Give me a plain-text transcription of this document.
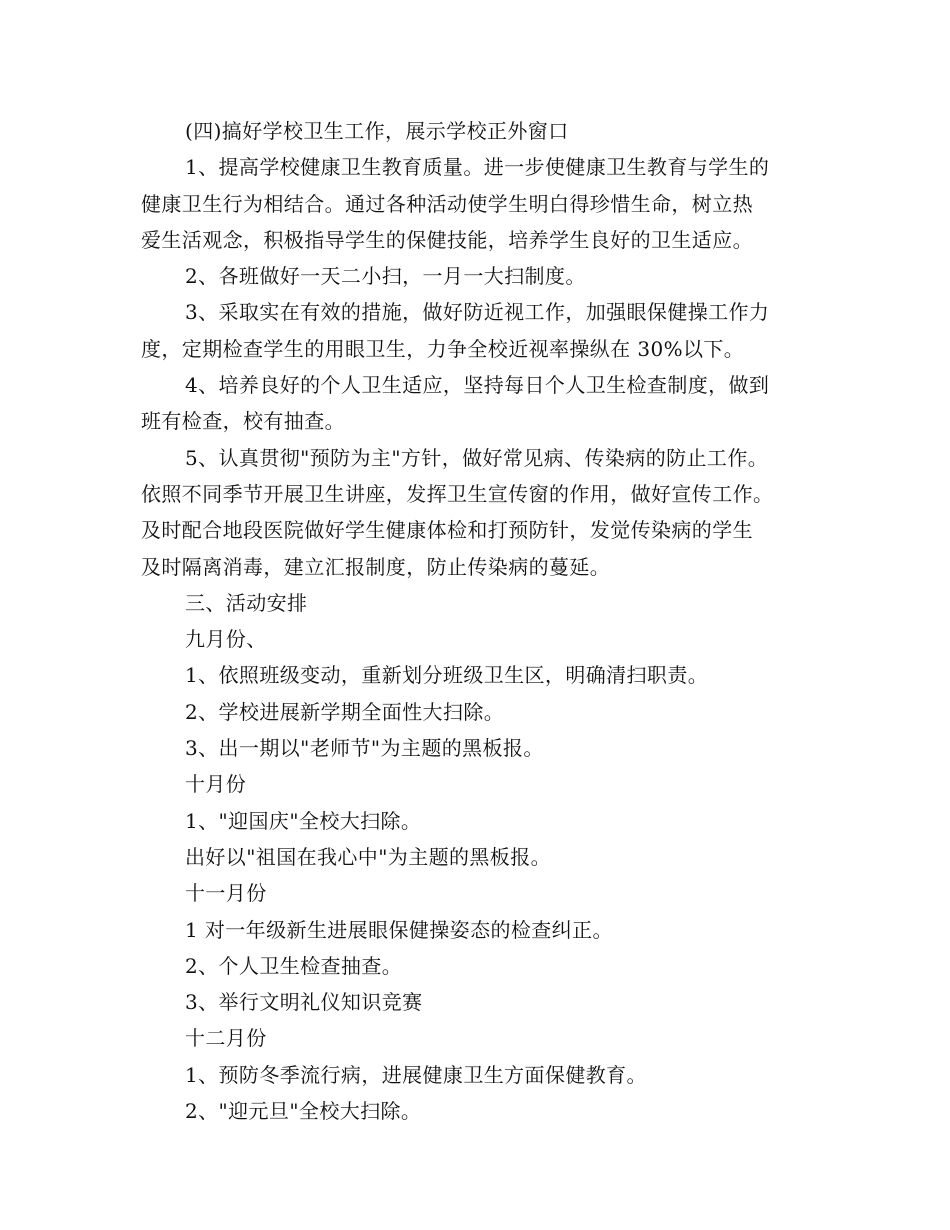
(四)搞好学校卫生工作，展示学校正外窗口
1、提高学校健康卫生教育质量。进一步使健康卫生教育与学生的
健康卫生行为相结合。通过各种活动使学生明白得珍惜生命，树立热
爱生活观念，积极指导学生的保健技能，培养学生良好的卫生适应。
2、各班做好一天二小扫，一月一大扫制度。
3、采取实在有效的措施，做好防近视工作，加强眼保健操工作力
度，定期检查学生的用眼卫生，力争全校近视率操纵在 30%以下。
4、培养良好的个人卫生适应，坚持每日个人卫生检查制度，做到
班有检查，校有抽查。
5、认真贯彻"预防为主"方针，做好常见病、传染病的防止工作。
依照不同季节开展卫生讲座，发挥卫生宣传窗的作用，做好宣传工作。
及时配合地段医院做好学生健康体检和打预防针，发觉传染病的学生
及时隔离消毒，建立汇报制度，防止传染病的蔓延。
三、活动安排
九月份、
1、依照班级变动，重新划分班级卫生区，明确清扫职责。
2、学校进展新学期全面性大扫除。
3、出一期以"老师节"为主题的黑板报。
十月份
1、"迎国庆"全校大扫除。
出好以"祖国在我心中"为主题的黑板报。
十一月份
1 对一年级新生进展眼保健操姿态的检查纠正。
2、个人卫生检查抽查。
3、举行文明礼仪知识竞赛
十二月份
1、预防冬季流行病，进展健康卫生方面保健教育。
2、"迎元旦"全校大扫除。
